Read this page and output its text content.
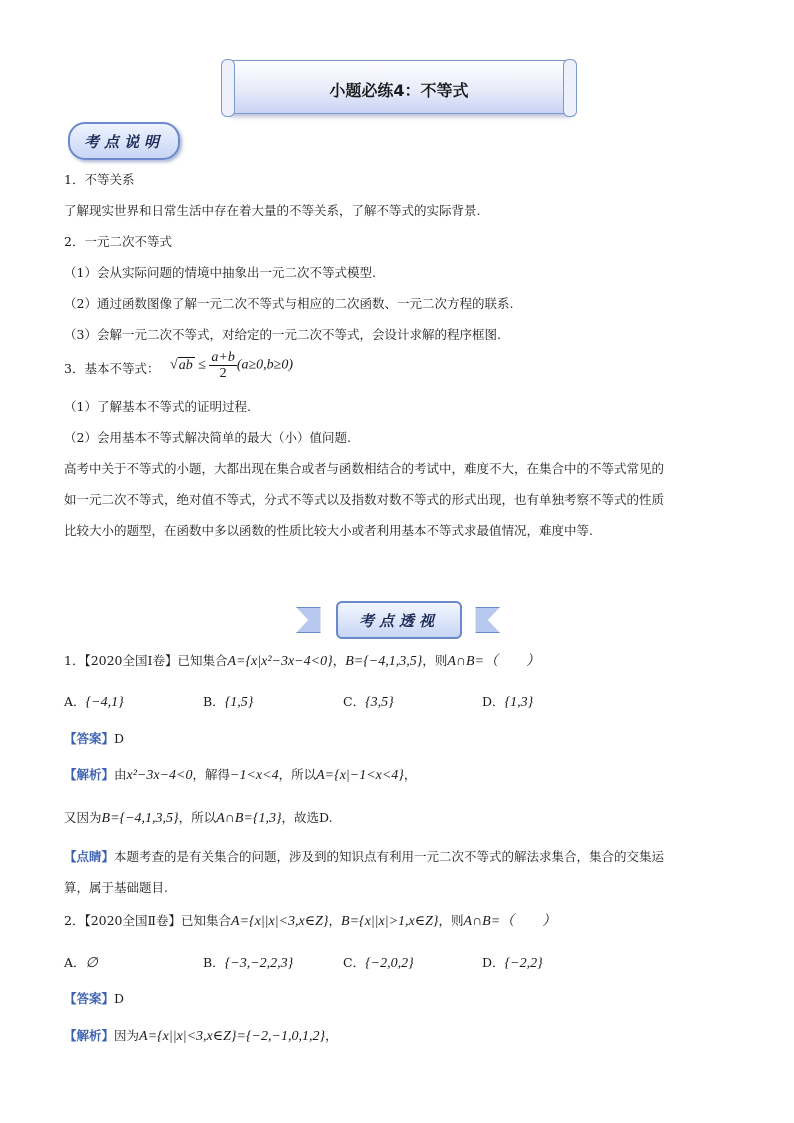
小题必练4：不等式
考点说明
1．不等关系
了解现实世界和日常生活中存在着大量的不等关系，了解不等式的实际背景.
2．一元二次不等式
（1）会从实际问题的情境中抽象出一元二次不等式模型.
（2）通过函数图像了解一元二次不等式与相应的二次函数、一元二次方程的联系.
（3）会解一元二次不等式，对给定的一元二次不等式，会设计求解的程序框图.
3．基本不等式： $√ab \le \frac{a+b}{2} (a\ge 0,b\ge 0)$
（1）了解基本不等式的证明过程.
（2）会用基本不等式解决简单的最大（小）值问题.
高考中关于不等式的小题，大都出现在集合或者与函数相结合的考试中，难度不大，在集合中的不等式常见的
如一元二次不等式，绝对值不等式，分式不等式以及指数对数不等式的形式出现，也有单独考察不等式的性质
比较大小的题型，在函数中多以函数的性质比较大小或者利用基本不等式求最值情况，难度中等.
考点透视
1．【2020全国Ⅰ卷】已知集合A={x|x²−3x−4<0}，B={−4,1,3,5}，则A∩B=（　　）
A．{−4,1}	B．{1,5}	C．{3,5}	D．{1,3}
【答案】D
【解析】由x²−3x−4<0，解得−1<x<4，所以A={x|−1<x<4}，
又因为B={−4,1,3,5}，所以A∩B={1,3}，故选D.
【点睛】本题考查的是有关集合的问题，涉及到的知识点有利用一元二次不等式的解法求集合，集合的交集运
算，属于基础题目.
2．【2020全国Ⅱ卷】已知集合A={x||x|<3,x∈Z}，B={x||x|>1,x∈Z}，则A∩B=（　　）
A．∅	B．{−3,−2,2,3}	C．{−2,0,2}	D．{−2,2}
【答案】D
【解析】因为A={x||x|<3,x∈Z}={−2,−1,0,1,2}，
